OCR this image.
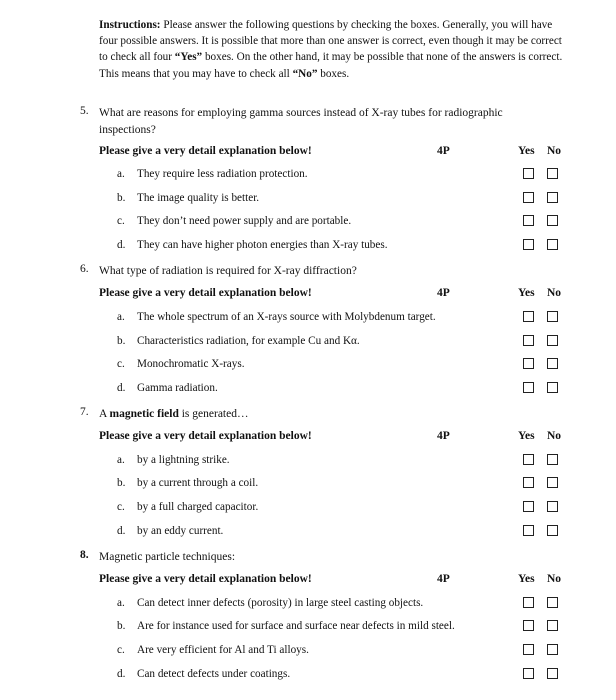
Instructions: Please answer the following questions by checking the boxes. Generally, you will have four possible answers. It is possible that more than one answer is correct, even though it may be correct to check all four “Yes” boxes. On the other hand, it may be possible that none of the answers is correct. This means that you may have to check all “No” boxes.
5. What are reasons for employing gamma sources instead of X-ray tubes for radiographic inspections?
Please give a very detail explanation below!	4P	Yes No
a. They require less radiation protection.
b. The image quality is better.
c. They don’t need power supply and are portable.
d. They can have higher photon energies than X-ray tubes.
6. What type of radiation is required for X-ray diffraction?
Please give a very detail explanation below!	4P	Yes No
a. The whole spectrum of an X-rays source with Molybdenum target.
b. Characteristics radiation, for example Cu and Kα.
c. Monochromatic X-rays.
d. Gamma radiation.
7. A magnetic field is generated…
Please give a very detail explanation below!	4P	Yes No
a. by a lightning strike.
b. by a current through a coil.
c. by a full charged capacitor.
d. by an eddy current.
8. Magnetic particle techniques:
Please give a very detail explanation below!	4P	Yes No
a. Can detect inner defects (porosity) in large steel casting objects.
b. Are for instance used for surface and surface near defects in mild steel.
c. Are very efficient for Al and Ti alloys.
d. Can detect defects under coatings.
